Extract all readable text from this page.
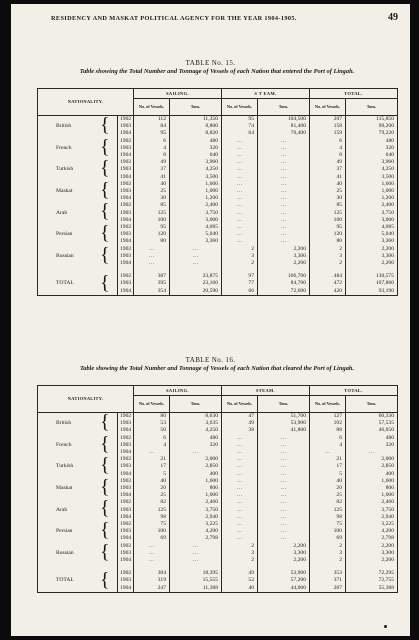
RESIDENCY AND MASKAT POLITICAL AGENCY FOR THE YEAR 1904-1905.	49
TABLE No. 15.
Table showing the Total Number and Tonnage of Vessels of each Nation that entered the Port of Lingah.
NATIONALITY.		SAILING.		S T EAM.		TOTAL.	
		No. of Vessels.	Tons.	No. of Vessels.	Tons.	No. of Vessels.	Tons.
{	1902	112	11,350	95	104,500	207	115,850
British	1903	84	8,800	74	81,400	158	90,200
	1904	95	8,820	64	70,400	159	79,220
{	1902	6	480	...	...	6	480
French	1903	4	320	...	...	4	320
	1904	8	640	...	...	8	640
{	1902	49	3,960	...	...	49	3,960
Turkish	1903	37	4,250	...	...	37	4,250
	1904	41	3,500	...	...	41	3,500
{	1902	40	1,600	...	...	40	1,600
Maskat	1903	25	1,000	...	...	25	1,000
	1904	30	1,200	...	...	30	1,200
{	1902	85	2,400	...	...	85	2,400
Arab	1903	125	3,750	...	...	125	3,750
	1904	100	3,000	...	...	100	3,000
{	1902	95	4,085	...	...	95	4,085
Persian	1903	120	5,040	...	...	120	5,040
	1904	80	3,360	...	...	80	3,360
{	1902	...	...	2	2,200	2	2,200
Russian	1903	...	...	3	3,300	3	3,300
	1904	...	...	2	2,200	2	2,200

{	1902	387	23,875	97	106,700	484	130,575
TOTAL	1903	395	23,160	77	84,700	472	107,860
	1904	354	20,590	66	72,600	420	93,190
TABLE No. 16.
Table showing the Total Number and Tonnage of Vessels of each Nation that cleared the Port of Lingah.
NATIONALITY.		SAILING.		STEAM.		TOTAL.	
		No. of Vessels.	Tons.	No. of Vessels.	Tons.	No. of Vessels.	Tons.
{	1902	80	8,630	47	51,700	127	60,330
British	1903	53	3,635	49	53,900	102	57,535
	1904	50	4,250	38	41,800	88	46,050
{	1902	6	480	...	...	6	480
French	1903	4	320	...	...	4	320
	1904	...	...	...	...	...	...
{	1902	21	2,000	...	...	21	2,000
Turkish	1903	17	2,850	...	...	17	2,850
	1904	5	400	...	...	5	400
{	1902	40	1,600	...	...	40	1,600
Maskat	1903	20	800	...	...	20	800
	1904	25	1,000	...	...	25	1,000
{	1902	82	2,460	...	...	82	2,460
Arab	1903	125	3,750	...	...	125	3,750
	1904	98	2,940	...	...	98	2,940
{	1902	75	3,225	...	...	75	3,225
Persian	1903	100	4,200	...	...	100	4,200
	1904	69	2,798	...	...	69	2,798
{	1902	...	...	2	2,200	2	2,200
Russian	1903	...	...	3	3,300	3	3,300
	1904	...	...	2	2,200	2	2,200

{	1902	304	18,395	49	53,900	353	72,295
TOTAL	1903	319	15,555	52	57,200	371	72,755
	1904	247	11,388	40	44,000	287	55,388
